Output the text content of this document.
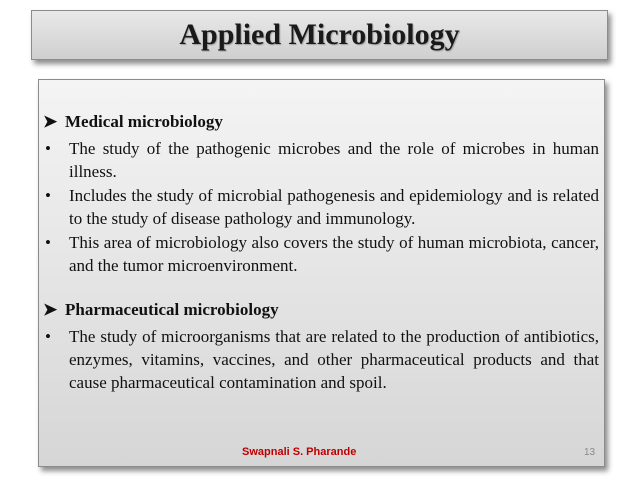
Applied Microbiology
➤ Medical microbiology
• The study of the pathogenic microbes and the role of microbes in human illness.
• Includes the study of microbial pathogenesis and epidemiology and is related to the study of disease pathology and immunology.
• This area of microbiology also covers the study of human microbiota, cancer, and the tumor microenvironment.
➤ Pharmaceutical microbiology
• The study of microorganisms that are related to the production of antibiotics, enzymes, vitamins, vaccines, and other pharmaceutical products and that cause pharmaceutical contamination and spoil.
Swapnali S. Pharande	13
